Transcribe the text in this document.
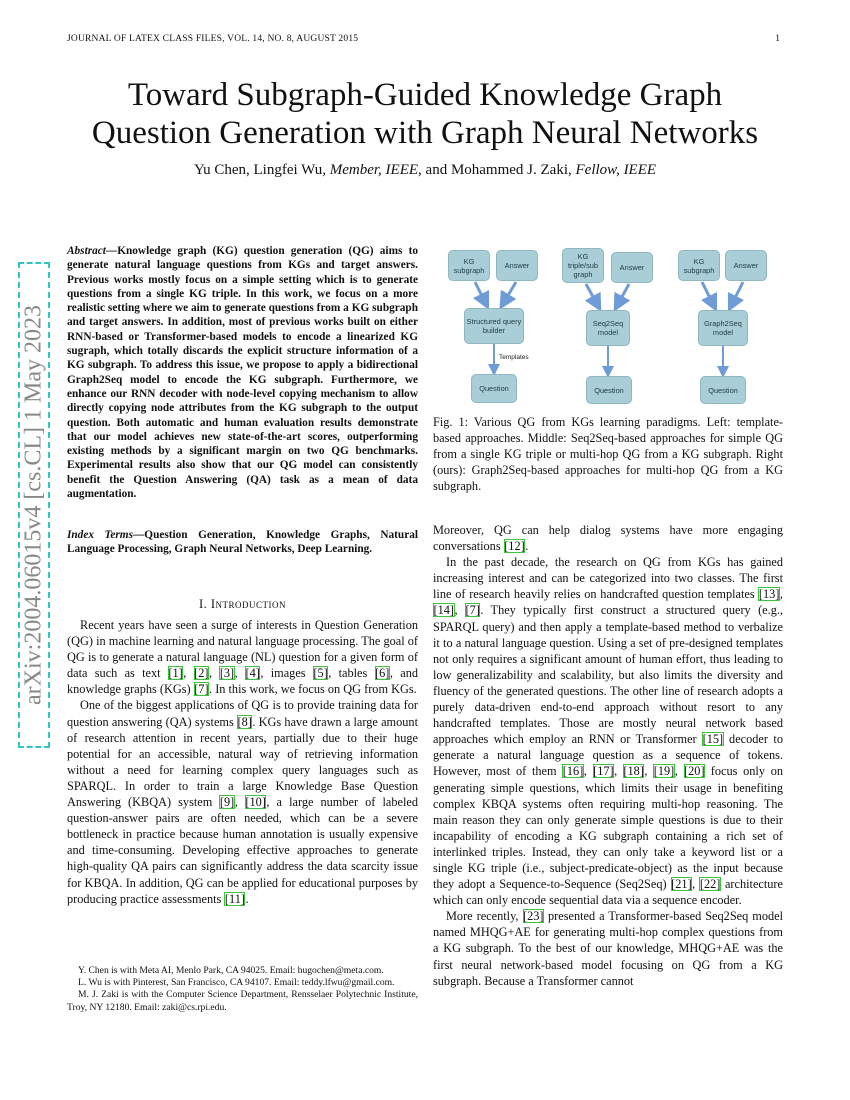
JOURNAL OF LATEX CLASS FILES, VOL. 14, NO. 8, AUGUST 2015	1
Toward Subgraph-Guided Knowledge Graph
Question Generation with Graph Neural Networks
Yu Chen, Lingfei Wu, Member, IEEE, and Mohammed J. Zaki, Fellow, IEEE
arXiv:2004.06015v4 [cs.CL] 1 May 2023
Abstract—Knowledge graph (KG) question generation (QG) aims to generate natural language questions from KGs and target answers. Previous works mostly focus on a simple setting which is to generate questions from a single KG triple. In this work, we focus on a more realistic setting where we aim to generate questions from a KG subgraph and target answers. In addition, most of previous works built on either RNN-based or Transformer-based models to encode a linearized KG sugraph, which totally discards the explicit structure information of a KG subgraph. To address this issue, we propose to apply a bidirectional Graph2Seq model to encode the KG subgraph. Furthermore, we enhance our RNN decoder with node-level copying mechanism to allow directly copying node attributes from the KG subgraph to the output question. Both automatic and human evaluation results demonstrate that our model achieves new state-of-the-art scores, outperforming existing methods by a significant margin on two QG benchmarks. Experimental results also show that our QG model can consistently benefit the Question Answering (QA) task as a mean of data augmentation.
Index Terms—Question Generation, Knowledge Graphs, Natural Language Processing, Graph Neural Networks, Deep Learning.
I. Introduction

Recent years have seen a surge of interests in Question Generation (QG) in machine learning and natural language processing. The goal of QG is to generate a natural language (NL) question for a given form of data such as text [1], [2], [3], [4], images [5], tables [6], and knowledge graphs (KGs) [7]. In this work, we focus on QG from KGs.

One of the biggest applications of QG is to provide training data for question answering (QA) systems [8]. KGs have drawn a large amount of research attention in recent years, partially due to their huge potential for an accessible, natural way of retrieving information without a need for learning complex query languages such as SPARQL. In order to train a large Knowledge Base Question Answering (KBQA) system [9], [10], a large number of labeled question-answer pairs are often needed, which can be a severe bottleneck in practice because human annotation is usually expensive and time-consuming. Developing effective approaches to generate high-quality QA pairs can significantly address the data scarcity issue for KBQA. In addition, QG can be applied for educational purposes by producing practice assessments [11].

Y. Chen is with Meta AI, Menlo Park, CA 94025. Email: hugochen@meta.com.

L. Wu is with Pinterest, San Francisco, CA 94107. Email: teddy.lfwu@gmail.com.

M. J. Zaki is with the Computer Science Department, Rensselaer Polytechnic Institute, Troy, NY 12180. Email: zaki@cs.rpi.edu.

KG subgraph	Answer
Structured query builder
Templates
Question
KG triple/sub graph
Answer
Seq2Seq model
Question
KG subgraph	Answer
Graph2Seq model
Question
Fig. 1: Various QG from KGs learning paradigms. Left: template-based approaches. Middle: Seq2Seq-based approaches for simple QG from a single KG triple or multi-hop QG from a KG subgraph. Right (ours): Graph2Seq-based approaches for multi-hop QG from a KG subgraph.

Moreover, QG can help dialog systems have more engaging conversations [12].

In the past decade, the research on QG from KGs has gained increasing interest and can be categorized into two classes. The first line of research heavily relies on handcrafted question templates [13], [14], [7]. They typically first construct a structured query (e.g., SPARQL query) and then apply a template-based method to verbalize it to a natural language question. Using a set of pre-designed templates not only requires a significant amount of human effort, thus leading to low generalizability and scalability, but also limits the diversity and fluency of the generated questions. The other line of research adopts a purely data-driven end-to-end approach without resort to any handcrafted templates. Those are mostly neural network based approaches which employ an RNN or Transformer [15] decoder to generate a natural language question as a sequence of tokens. However, most of them [16], [17], [18], [19], [20] focus only on generating simple questions, which limits their usage in benefiting complex KBQA systems often requiring multi-hop reasoning. The main reason they can only generate simple questions is due to their incapability of encoding a KG subgraph containing a rich set of interlinked triples. Instead, they can only take a keyword list or a single KG triple (i.e., subject-predicate-object) as the input because they adopt a Sequence-to-Sequence (Seq2Seq) [21], [22] architecture which can only encode sequential data via a sequence encoder.

More recently, [23] presented a Transformer-based Seq2Seq model named MHQG+AE for generating multi-hop complex questions from a KG subgraph. To the best of our knowledge, MHQG+AE was the first neural network-based model focusing on QG from a KG subgraph. Because a Transformer cannot
